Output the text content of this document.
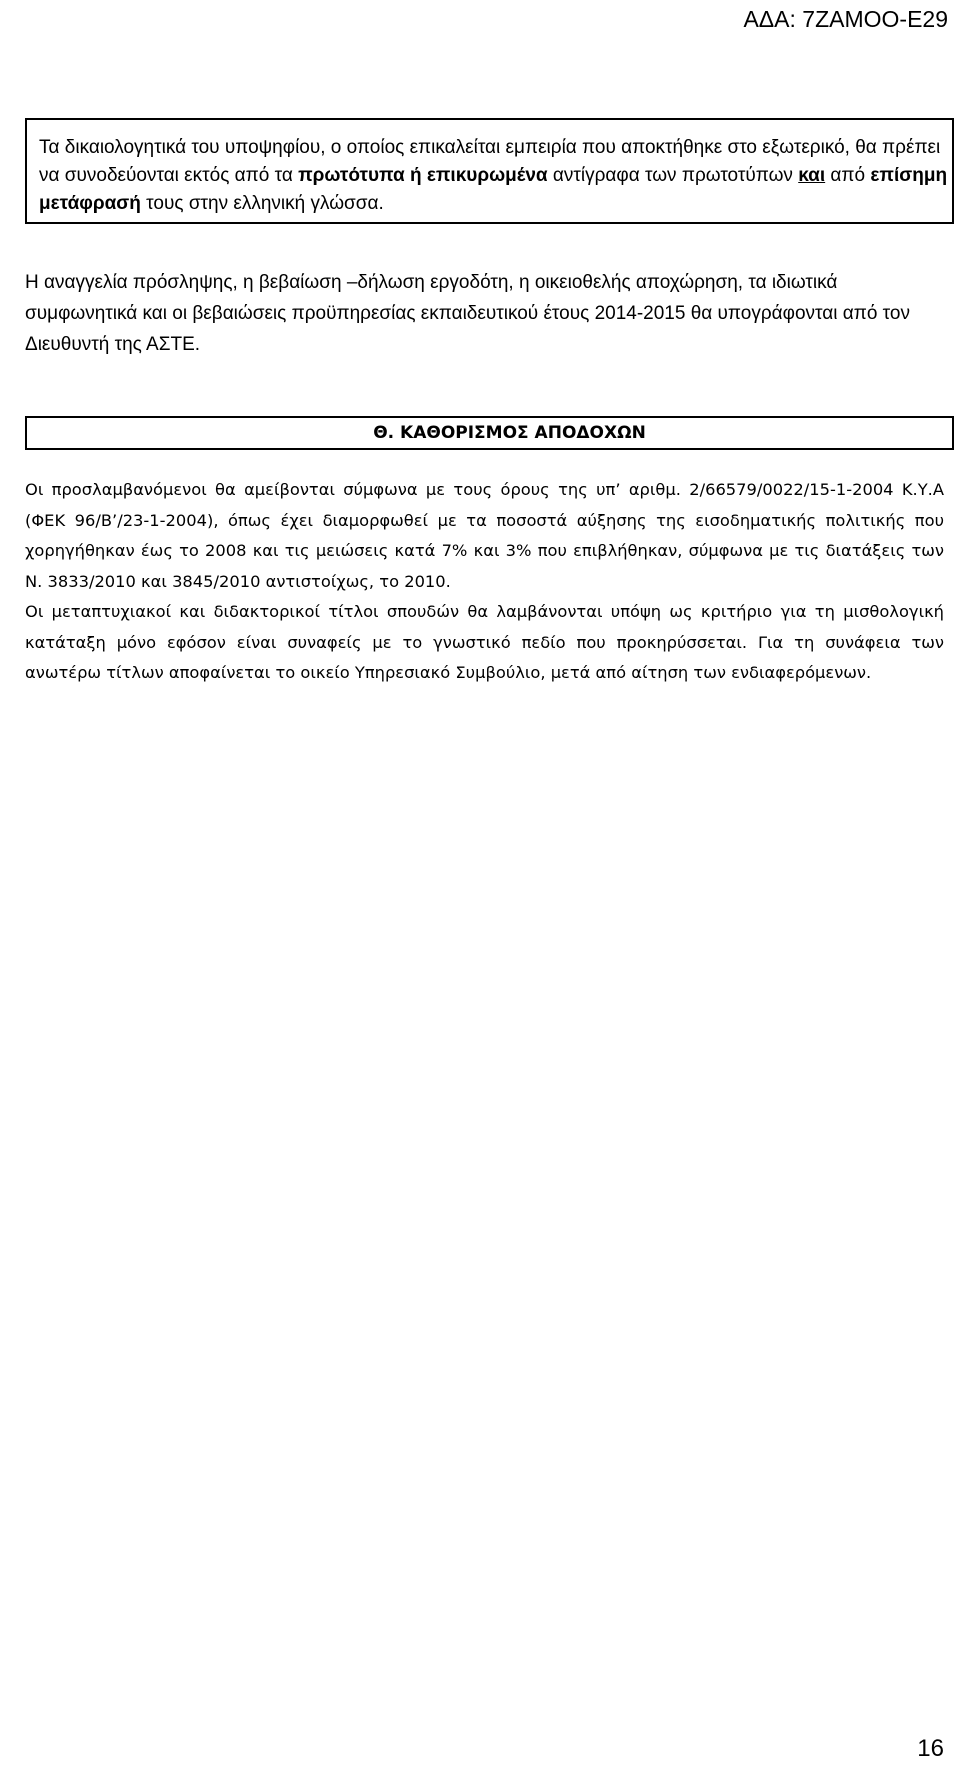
ΑΔΑ: 7ΖΑΜΟΟ-Ε29
Τα δικαιολογητικά του υποψηφίου, ο οποίος επικαλείται εμπειρία που αποκτήθηκε στο εξωτερικό, θα πρέπει να συνοδεύονται εκτός από τα πρωτότυπα ή επικυρωμένα αντίγραφα των πρωτοτύπων και από επίσημη μετάφρασή τους στην ελληνική γλώσσα.

Η αναγγελία πρόσληψης, η βεβαίωση –δήλωση εργοδότη, η οικειοθελής αποχώρηση, τα ιδιωτικά συμφωνητικά και οι βεβαιώσεις προϋπηρεσίας εκπαιδευτικού έτους 2014-2015 θα υπογράφονται από τον Διευθυντή της ΑΣΤΕ.

Θ. ΚΑΘΟΡΙΣΜΟΣ ΑΠΟΔΟΧΩΝ

Οι προσλαμβανόμενοι θα αμείβονται σύμφωνα με τους όρους της υπ’ αριθμ. 2/66579/0022/15-1-2004 Κ.Υ.Α (ΦΕΚ 96/Β’/23-1-2004), όπως έχει διαμορφωθεί με τα ποσοστά αύξησης της εισοδηματικής πολιτικής που χορηγήθηκαν έως το 2008 και τις μειώσεις κατά 7% και 3% που επιβλήθηκαν, σύμφωνα με τις διατάξεις των Ν. 3833/2010 και 3845/2010 αντιστοίχως, το 2010.

Οι μεταπτυχιακοί και διδακτορικοί τίτλοι σπουδών θα λαμβάνονται υπόψη ως κριτήριο για τη μισθολογική κατάταξη μόνο εφόσον είναι συναφείς με το γνωστικό πεδίο που προκηρύσσεται. Για τη συνάφεια των ανωτέρω τίτλων αποφαίνεται το οικείο Υπηρεσιακό Συμβούλιο, μετά από αίτηση των ενδιαφερόμενων.

16
